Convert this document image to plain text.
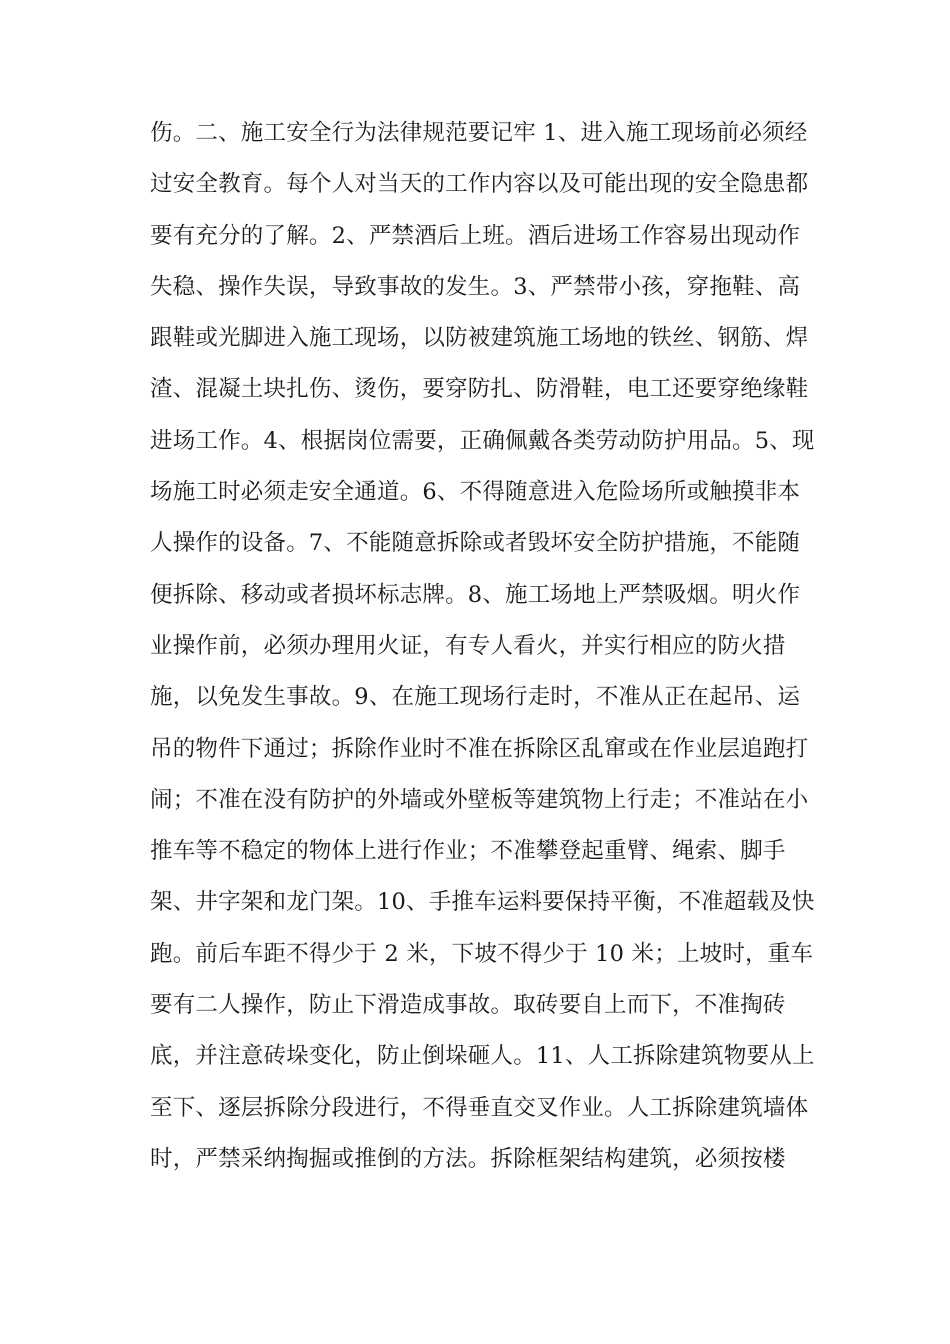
伤。二、施工安全行为法律规范要记牢 1、进入施工现场前必须经
过安全教育。每个人对当天的工作内容以及可能出现的安全隐患都
要有充分的了解。2、严禁酒后上班。酒后进场工作容易出现动作
失稳、操作失误，导致事故的发生。3、严禁带小孩，穿拖鞋、高
跟鞋或光脚进入施工现场，以防被建筑施工场地的铁丝、钢筋、焊
渣、混凝土块扎伤、烫伤，要穿防扎、防滑鞋，电工还要穿绝缘鞋
进场工作。4、根据岗位需要，正确佩戴各类劳动防护用品。5、现
场施工时必须走安全通道。6、不得随意进入危险场所或触摸非本
人操作的设备。7、不能随意拆除或者毁坏安全防护措施，不能随
便拆除、移动或者损坏标志牌。8、施工场地上严禁吸烟。明火作
业操作前，必须办理用火证，有专人看火，并实行相应的防火措
施，以免发生事故。9、在施工现场行走时，不准从正在起吊、运
吊的物件下通过；拆除作业时不准在拆除区乱窜或在作业层追跑打
闹；不准在没有防护的外墙或外壁板等建筑物上行走；不准站在小
推车等不稳定的物体上进行作业；不准攀登起重臂、绳索、脚手
架、井字架和龙门架。10、手推车运料要保持平衡，不准超载及快
跑。前后车距不得少于 2 米，下坡不得少于 10 米；上坡时，重车
要有二人操作，防止下滑造成事故。取砖要自上而下，不准掏砖
底，并注意砖垛变化，防止倒垛砸人。11、人工拆除建筑物要从上
至下、逐层拆除分段进行，不得垂直交叉作业。人工拆除建筑墙体
时，严禁采纳掏掘或推倒的方法。拆除框架结构建筑，必须按楼
